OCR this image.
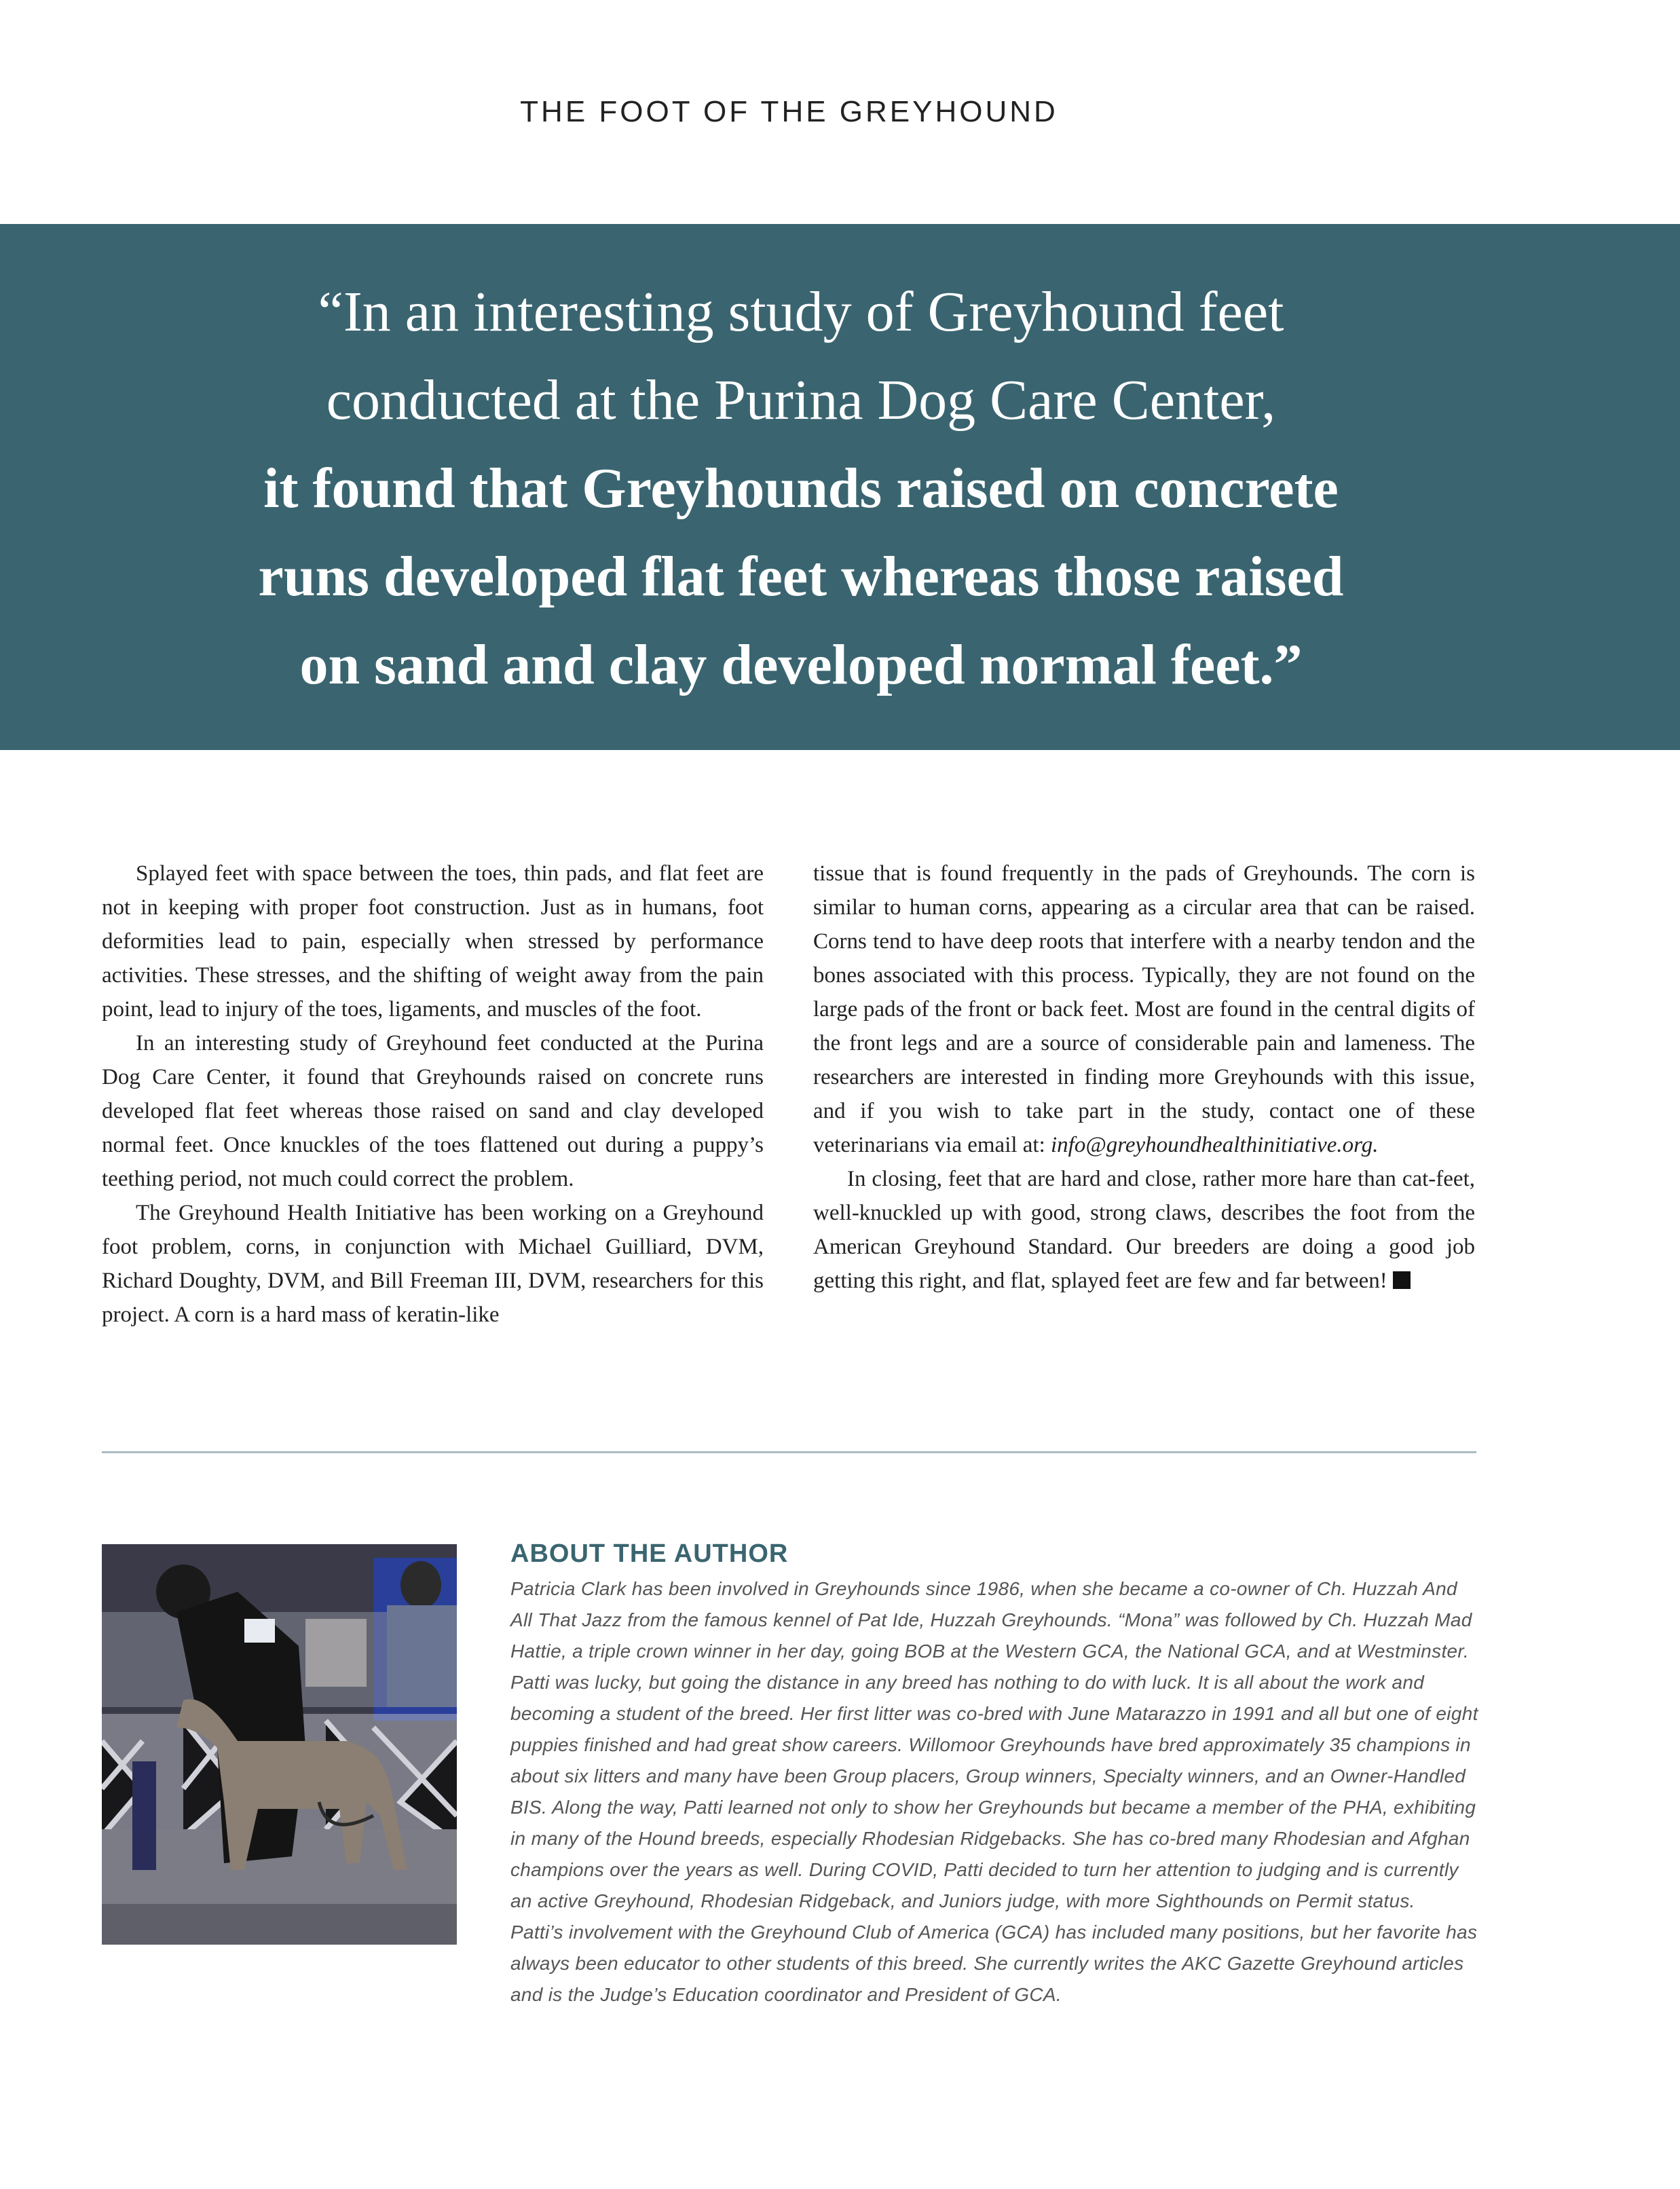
THE FOOT OF THE GREYHOUND
“In an interesting study of Greyhound feet
conducted at the Purina Dog Care Center,
it found that Greyhounds raised on concrete
runs developed flat feet whereas those raised
on sand and clay developed normal feet.”

Splayed feet with space between the toes, thin pads, and flat feet are not in keeping with proper foot construction. Just as in humans, foot deformities lead to pain, especially when stressed by performance activities. These stresses, and the shifting of weight away from the pain point, lead to injury of the toes, ligaments, and muscles of the foot.

In an interesting study of Greyhound feet conducted at the Purina Dog Care Center, it found that Greyhounds raised on concrete runs developed flat feet whereas those raised on sand and clay developed normal feet. Once knuckles of the toes flattened out during a puppy’s teething period, not much could correct the problem.

The Greyhound Health Initiative has been working on a Greyhound foot problem, corns, in conjunction with Michael Guilliard, DVM, Richard Doughty, DVM, and Bill Freeman III, DVM, researchers for this project. A corn is a hard mass of keratin-like

tissue that is found frequently in the pads of Greyhounds. The corn is similar to human corns, appearing as a circular area that can be raised. Corns tend to have deep roots that interfere with a nearby tendon and the bones associated with this process. Typically, they are not found on the large pads of the front or back feet. Most are found in the central digits of the front legs and are a source of considerable pain and lameness. The researchers are interested in finding more Greyhounds with this issue, and if you wish to take part in the study, contact one of these veterinarians via email at: info@greyhoundhealthinitiative.org.

In closing, feet that are hard and close, rather more hare than cat-feet, well-knuckled up with good, strong claws, describes the foot from the American Greyhound Standard. Our breeders are doing a good job getting this right, and flat, splayed feet are few and far between!

ABOUT THE AUTHOR

Patricia Clark has been involved in Greyhounds since 1986, when she became a co-owner of Ch. Huzzah And All That Jazz from the famous kennel of Pat Ide, Huzzah Greyhounds. “Mona” was followed by Ch. Huzzah Mad Hattie, a triple crown winner in her day, going BOB at the Western GCA, the National GCA, and at Westminster. Patti was lucky, but going the distance in any breed has nothing to do with luck. It is all about the work and becoming a student of the breed. Her first litter was co-bred with June Matarazzo in 1991 and all but one of eight puppies finished and had great show careers. Willomoor Greyhounds have bred approximately 35 champions in about six litters and many have been Group placers, Group winners, Specialty winners, and an Owner-Handled BIS. Along the way, Patti learned not only to show her Greyhounds but became a member of the PHA, exhibiting in many of the Hound breeds, especially Rhodesian Ridgebacks. She has co-bred many Rhodesian and Afghan champions over the years as well. During COVID, Patti decided to turn her attention to judging and is currently an active Greyhound, Rhodesian Ridgeback, and Juniors judge, with more Sighthounds on Permit status.

Patti’s involvement with the Greyhound Club of America (GCA) has included many positions, but her favorite has always been educator to other students of this breed. She currently writes the AKC Gazette Greyhound articles and is the Judge’s Education coordinator and President of GCA.
